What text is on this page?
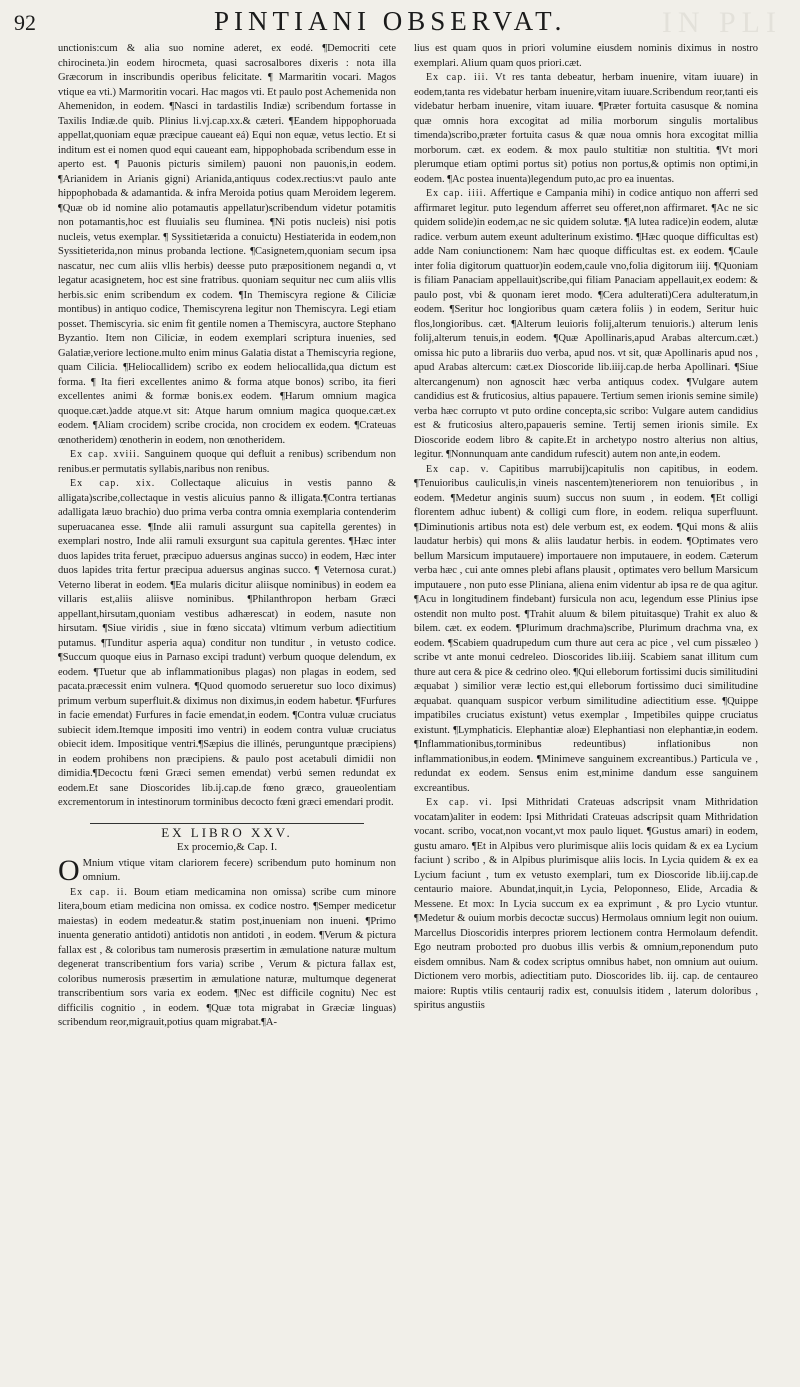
IN PLI
92	PINTIANI OBSERVAT.

unctionis:cum & alia suo nomine aderet, ex eodé. ¶Democriti cete chirocineta.)in eodem hirocmeta, quasi sacrosalbores dixeris : nota illa Græcorum in inscribundis operibus felicitate. ¶ Marmaritin vocari. Magos vtique ea vti.) Marmoritin vocari. Hac magos vti. Et paulo post Achemenida non Ahemenidon, in eodem. ¶Nasci in tardastilis Indiæ) scribendum fortasse in Taxilis Indiæ.de quib. Plinius li.vj.cap.xx.& cæteri. ¶Eandem hippophoruada appellat,quoniam equæ præcipue caueant eá) Equi non equæ, vetus lectio. Et si inditum est ei nomen quod equi caueant eam, hippophobada scribendum esse in aperto est. ¶ Pauonis picturis similem) pauoni non pauonis,in eodem. ¶Arianidem in Arianis gigni) Arianida,antiquus codex.rectius:vt paulo ante hippophobada & adamantida. & infra Meroida potius quam Meroidem legerem. ¶Quæ ob id nomine alio potamautis appellatur)scribendum videtur potamitis non potamantis,hoc est fluuialis seu fluminea. ¶Ni potis nucleis) nisi potis nucleis, vetus exemplar. ¶ Syssitietærida a conuictu) Hestiaterida in eodem,non Syssitieterida,non minus probanda lectione. ¶Casignetem,quoniam secum ipsa nascatur, nec cum aliis vllis herbis) deesse puto præpositionem negandi ɑ, vt legatur acasignetem, hoc est sine fratribus. quoniam sequitur nec cum aliis vllis herbis.sic enim scribendum ex codem. ¶In Themiscyra regione & Ciliciæ montibus) in antiquo codice, Themiscyrena legitur non Themiscyra. Legi etiam posset. Themiscyria. sic enim fit gentile nomen a Themiscyra, auctore Stephano Byzantio. Item non Ciliciæ, in eodem exemplari scriptura inuenies, sed Galatiæ,veriore lectione.multo enim minus Galatia distat a Themiscyria regione, quam Cilicia. ¶Heliocallidem) scribo ex eodem heliocallida,qua dictum est forma. ¶ Ita fieri excellentes animo & forma atque bonos) scribo, ita fieri excellentes animi & formæ bonis.ex eodem. ¶Harum omnium magica quoque.cæt.)adde atque.vt sit: Atque harum omnium magica quoque.cæt.ex eodem. ¶Aliam crocidem) scribe crocida, non crocidem ex eodem. ¶Crateuas œnotheridem) œnotherin in eodem, non œnotheridem.

Ex cap. xviii. Sanguinem quoque qui defluit a renibus) scribendum non renibus.er permutatis syllabis,naribus non renibus.

Ex cap. xix. Collectaque alicuius in vestis panno & alligata)scribe,collectaque in vestis alicuius panno & illigata.¶Contra tertianas adalligata læuo brachio) duo prima verba contra omnia exemplaria contenderim superuacanea esse. ¶Inde alii ramuli assurgunt sua capitella gerentes) in exemplari nostro, Inde alii ramuli exsurgunt sua capitula gerentes. ¶Hæc inter duos lapides trita feruet, præcipuo aduersus anginas succo) in eodem, Hæc inter duos lapides trita fertur præcipua aduersus anginas succo. ¶ Veternosa curat.) Veterno liberat in eodem. ¶Ea mularis dicitur aliisque nominibus) in eodem ea villaris est,aliis aliisve nominibus. ¶Philanthropon herbam Græci appellant,hirsutam,quoniam vestibus adhærescat) in eodem, nasute non hirsutam. ¶Siue viridis , siue in fœno siccata) vltimum verbum adiectitium putamus. ¶Tunditur asperia aqua) conditur non tunditur , in vetusto codice. ¶Succum quoque eius in Parnaso excipi tradunt) verbum quoque delendum, ex eodem. ¶Tuetur que ab inflammationibus plagas) non plagas in eodem, sed pacata.præcessit enim vulnera. ¶Quod quomodo serueretur suo loco diximus) primum verbum superfluit.& diximus non diximus,in eodem habetur. ¶Furfures in facie emendat) Furfures in facie emendat,in eodem. ¶Contra vuluæ cruciatus subiecit idem.Itemque impositi imo ventri) in eodem contra vuluæ cruciatus obiecit idem. Impositique ventri.¶Sæpius die illinés, perunguntque præcipiens) in eodem prohibens non præcipiens. & paulo post acetabuli dimidii non dimidia.¶Decoctu fœni Græci semen emendat) verbú semen redundat ex eodem.Et sane Dioscorides lib.ij.cap.de fœno græco, graueolentiam excrementorum in intestinorum torminibus decocto fœni græci emendari prodit.

EX LIBRO XXV.
Ex procemio,& Cap. I.

O Mnium vtique vitam clariorem fecere) scribendum puto hominum non omnium.

Ex cap. ii. Boum etiam medicamina non omissa) scribe cum minore litera,boum etiam medicina non omissa. ex codice nostro. ¶Semper medicetur maiestas) in eodem medeatur.& statim post,inueniam non inueni. ¶Primo inuenta generatio antidoti) antidotis non antidoti , in eodem. ¶Verum & pictura fallax est , & coloribus tam numerosis præsertim in æmulatione naturæ multum degenerat transcribentium fors varia) scribe , Verum & pictura fallax est, coloribus numerosis præsertim in æmulatione naturæ, multumque degenerat transcribentium sors varia ex eodem. ¶Nec est difficile cognitu) Nec est difficilis cognitio , in eodem. ¶Quæ tota migrabat in Græciæ linguas) scribendum reor,migrauit,potius quam migrabat.¶A-

lius est quam quos in priori volumine eiusdem nominis diximus in nostro exemplari. Alium quam quos priori.cæt.

Ex cap. iii. Vt res tanta debeatur, herbam inuenire, vitam iuuare) in eodem,tanta res videbatur herbam inuenire,vitam iuuare.Scribendum reor,tanti eis videbatur herbam inuenire, vitam iuuare. ¶Præter fortuita casusque & nomina quæ omnis hora excogitat ad milia morborum singulis mortalibus timenda)scribo,præter fortuita casus & quæ noua omnis hora excogitat millia morborum. cæt. ex eodem. & mox paulo stultitiæ non stultitia. ¶Vt mori plerumque etiam optimi portus sit) potius non portus,& optimis non optimi,in eodem. ¶Ac postea inuenta)legendum puto,ac pro ea inuentas.

Ex cap. iiii. Affertique e Campania mihi) in codice antiquo non afferri sed affirmaret legitur. puto legendum afferret seu offeret,non affirmaret. ¶Ac ne sic quidem solide)in eodem,ac ne sic quidem solutæ. ¶A lutea radice)in eodem, alutæ radice. verbum autem exeunt adulterinum existimo. ¶Hæc quoque difficultas est) adde Nam coniunctionem: Nam hæc quoque difficultas est. ex eodem. ¶Caule inter folia digitorum quattuor)in eodem,caule vno,folia digitorum iiij. ¶Quoniam is filiam Panaciam appellauit)scribe,qui filiam Panaciam appellauit,ex eodem: & paulo post, vbi & quonam ieret modo. ¶Cera adulterati)Cera adulteratum,in eodem. ¶Seritur hoc longioribus quam cætera foliis ) in eodem, Seritur huic flos,longioribus. cæt. ¶Alterum leuioris folij,alterum tenuioris.) alterum lenis folij,alterum tenuis,in eodem. ¶Quæ Apollinaris,apud Arabas altercum.cæt.) omissa hic puto a librariis duo verba, apud nos. vt sit, quæ Apollinaris apud nos , apud Arabas altercum: cæt.ex Dioscoride lib.iiij.cap.de herba Apollinari. ¶Siue altercangenum) non agnoscit hæc verba antiquus codex. ¶Vulgare autem candidius est & fruticosius, altius papauere. Tertium semen irionis semine simile) verba hæc corrupto vt puto ordine concepta,sic scribo: Vulgare autem candidius est & fruticosius altero,papaueris semine. Tertij semen irionis simile. Ex Dioscoride eodem libro & capite.Et in archetypo nostro alterius non altius, legitur. ¶Nonnunquam ante candidum rufescit) autem non ante,in eodem.

Ex cap. v. Capitibus marrubij)capitulis non capitibus, in eodem. ¶Tenuioribus cauliculis,in vineis nascentem)teneriorem non tenuioribus , in eodem. ¶Medetur anginis suum) succus non suum , in eodem. ¶Et colligi florentem adhuc iubent) & colligi cum flore, in eodem. reliqua superfluunt. ¶Diminutionis artibus nota est) dele verbum est, ex eodem. ¶Qui mons & aliis laudatur herbis) qui mons & aliis laudatur herbis. in eodem. ¶Optimates vero bellum Marsicum imputauere) importauere non imputauere, in eodem. Cæterum verba hæc , cui ante omnes plebi aflans plausit , optimates vero bellum Marsicum imputauere , non puto esse Pliniana, aliena enim videntur ab ipsa re de qua agitur. ¶Acu in longitudinem findebant) fursicula non acu, legendum esse Plinius ipse ostendit non multo post. ¶Trahit aluum & bilem pituitasque) Trahit ex aluo & bilem. cæt. ex eodem. ¶Plurimum drachma)scribe, Plurimum drachma vna, ex eodem. ¶Scabiem quadrupedum cum thure aut cera ac pice , vel cum pissæleo ) scribe vt ante monui cedreleo. Dioscorides lib.iiij. Scabiem sanat illitum cum thure aut cera & pice & cedrino oleo. ¶Qui elleborum fortissimi ducis similitudini æquabat ) similior veræ lectio est,qui elleborum fortissimo duci similitudine æquabat. quanquam suspicor verbum similitudine adiectitium esse. ¶Quippe impatibiles cruciatus existunt) vetus exemplar , Impetibiles quippe cruciatus existunt. ¶Lymphaticis. Elephantiæ aloæ) Elephantiasi non elephantiæ,in eodem. ¶Inflammationibus,torminibus redeuntibus) inflationibus non inflammationibus,in eodem. ¶Minimeve sanguinem excreantibus.) Particula ve , redundat ex eodem. Sensus enim est,minime dandum esse sanguinem excreantibus.

Ex cap. vi. Ipsi Mithridati Crateuas adscripsit vnam Mithridation vocatam)aliter in eodem: Ipsi Mithridati Crateuas adscripsit quam Mithridation vocant. scribo, vocat,non vocant,vt mox paulo liquet. ¶Gustus amari) in eodem, gustu amaro. ¶Et in Alpibus vero plurimisque aliis locis quidam & ex ea Lycium faciunt ) scribo , & in Alpibus plurimisque aliis locis. In Lycia quidem & ex ea Lycium faciunt , tum ex vetusto exemplari, tum ex Dioscoride lib.iij.cap.de centaurio maiore. Abundat,inquit,in Lycia, Peloponneso, Elide, Arcadia & Messene. Et mox: In Lycia succum ex ea exprimunt , & pro Lycio vtuntur. ¶Medetur & ouium morbis decoctæ succus) Hermolaus omnium legit non ouium. Marcellus Dioscoridis interpres priorem lectionem contra Hermolaum defendit. Ego neutram probo:ted pro duobus illis verbis & omnium,reponendum puto eisdem omnibus. Nam & codex scriptus omnibus habet, non omnium aut ouium. Dictionem vero morbis, adiectitiam puto. Dioscorides lib. iij. cap. de centaureo maiore: Ruptis vtilis centaurij radix est, conuulsis itidem , laterum doloribus , spiritus angustiis
